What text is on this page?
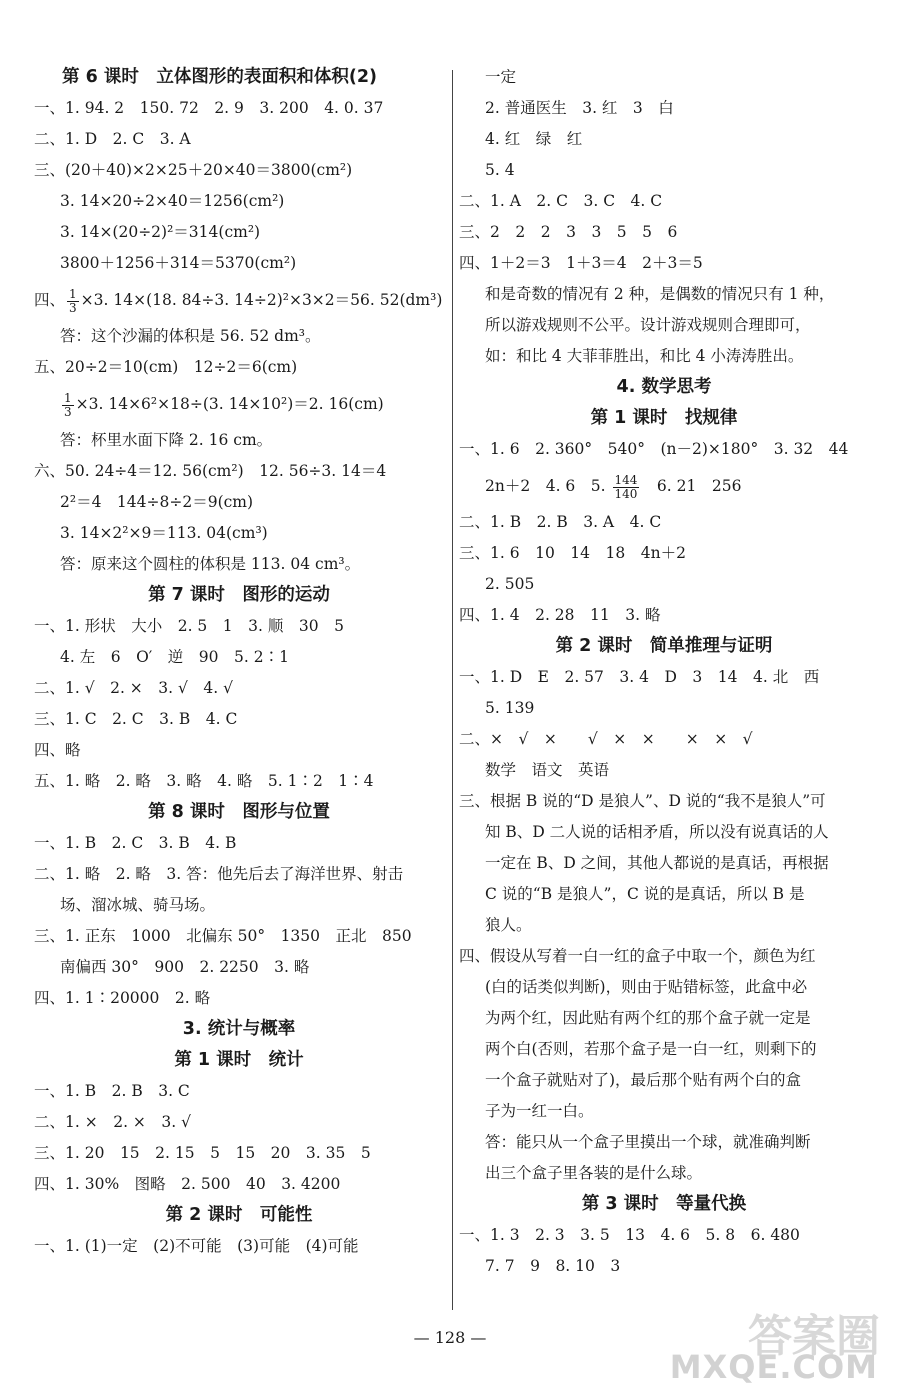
第 6 课时　立体图形的表面积和体积(2)
一、1. 94. 2　150. 72　2. 9　3. 200　4. 0. 37
二、1. D　2. C　3. A
三、(20＋40)×2×25＋20×40＝3800(cm²)
3. 14×20÷2×40＝1256(cm²)
3. 14×(20÷2)²＝314(cm²)
3800＋1256＋314＝5370(cm²)
四、 $\frac{1}{3} \times 3$. 14×(18. 84÷3. 14÷2)²×3×2＝56. 52(dm³)
答：这个沙漏的体积是 56. 52 dm³。
五、20÷2＝10(cm)　12÷2＝6(cm)
$\frac{1}{3} \times 3$. 14×6²×18÷(3. 14×10²)＝2. 16(cm)
答：杯里水面下降 2. 16 cm。
六、50. 24÷4＝12. 56(cm²)　12. 56÷3. 14＝4
2²＝4　144÷8÷2＝9(cm)
3. 14×2²×9＝113. 04(cm³)
答：原来这个圆柱的体积是 113. 04 cm³。
第 7 课时　图形的运动
一、1. 形状　大小　2. 5　1　3. 顺　30　5
4. 左　6　O′　逆　90　5. 2∶1
二、1. √　2. ×　3. √　4. √
三、1. C　2. C　3. B　4. C
四、略
五、1. 略　2. 略　3. 略　4. 略　5. 1∶2　1∶4
第 8 课时　图形与位置
一、1. B　2. C　3. B　4. B
二、1. 略　2. 略　3. 答：他先后去了海洋世界、射击
场、溜冰城、骑马场。
三、1. 正东　1000　北偏东 50°　1350　正北　850
南偏西 30°　900　2. 2250　3. 略
四、1. 1∶20000　2. 略
3. 统计与概率
第 1 课时　统计
一、1. B　2. B　3. C
二、1. ×　2. ×　3. √
三、1. 20　15　2. 15　5　15　20　3. 35　5
四、1. 30%　图略　2. 500　40　3. 4200
第 2 课时　可能性
一、1. (1)一定　(2)不可能　(3)可能　(4)可能
一定
2. 普通医生　3. 红　3　白
4. 红　绿　红
5. 4
二、1. A　2. C　3. C　4. C
三、2　2　2　3　3　5　5　6
四、1＋2＝3　1＋3＝4　2＋3＝5
和是奇数的情况有 2 种，是偶数的情况只有 1 种，
所以游戏规则不公平。设计游戏规则合理即可，
如：和比 4 大菲菲胜出，和比 4 小涛涛胜出。
4. 数学思考
第 1 课时　找规律
一、1. 6　2. 360°　540°　(n－2)×180°　3. 32　44
2n＋2　4. 6　5. $\frac{144}{140}$ 　6. 21　256
二、1. B　2. B　3. A　4. C
三、1. 6　10　14　18　4n＋2
2. 505
四、1. 4　2. 28　11　3. 略
第 2 课时　简单推理与证明
一、1. D　E　2. 57　3. 4　D　3　14　4. 北　西
5. 139
二、×　√　×　　√　×　×　　×　×　√
数学　语文　英语
三、根据 B 说的“D 是狼人”、D 说的“我不是狼人”可
知 B、D 二人说的话相矛盾，所以没有说真话的人
一定在 B、D 之间，其他人都说的是真话，再根据
C 说的“B 是狼人”，C 说的是真话，所以 B 是
狼人。
四、假设从写着一白一红的盒子中取一个，颜色为红
(白的话类似判断)，则由于贴错标签，此盒中必
为两个红，因此贴有两个红的那个盒子就一定是
两个白(否则，若那个盒子是一白一红，则剩下的
一个盒子就贴对了)，最后那个贴有两个白的盒
子为一红一白。
答：能只从一个盒子里摸出一个球，就准确判断
出三个盒子里各装的是什么球。
第 3 课时　等量代换
一、1. 3　2. 3　3. 5　13　4. 6　5. 8　6. 480
7. 7　9　8. 10　3
— 128 —	答案圈
MXQE.COM
